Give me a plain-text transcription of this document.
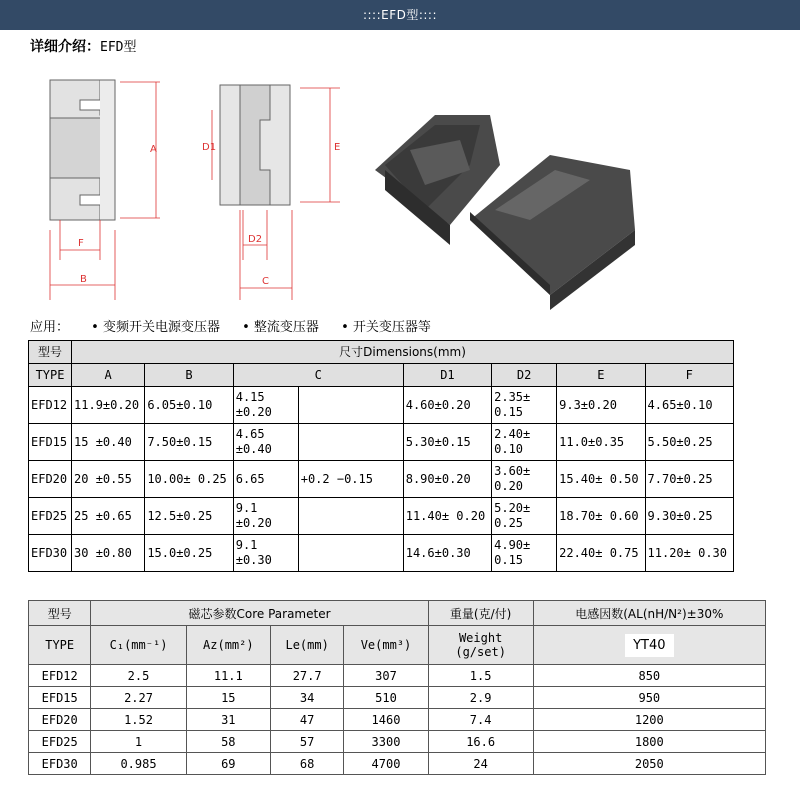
::::EFD型::::
详细介绍：EFD型
A
F
B
D1	E
D2
C
应用： • 变频开关电源变压器 • 整流变压器 • 开关变压器等
型号	尺寸Dimensions(mm)							
TYPE	A	B	C		D1	D2	E	F
EFD12	11.9±0.20	6.05±0.10	4.15 ±0.20		4.60±0.20	2.35± 0.15	9.3±0.20	4.65±0.10
EFD15	15 ±0.40	7.50±0.15	4.65 ±0.40		5.30±0.15	2.40± 0.10	11.0±0.35	5.50±0.25
EFD20	20 ±0.55	10.00± 0.25	6.65	+0.2 −0.15	8.90±0.20	3.60± 0.20	15.40± 0.50	7.70±0.25
EFD25	25 ±0.65	12.5±0.25	9.1 ±0.20		11.40± 0.20	5.20± 0.25	18.70± 0.60	9.30±0.25
EFD30	30 ±0.80	15.0±0.25	9.1 ±0.30		14.6±0.30	4.90± 0.15	22.40± 0.75	11.20± 0.30
型号	磁芯参数Core Parameter				重量(克/付)	电感因数(AL(nH/N²)±30%
TYPE	C₁(mm⁻¹)	Az(mm²)	Le(mm)	Ve(mm³)	Weight (g/set)	YT40
EFD12	2.5	11.1	27.7	307	1.5	850
EFD15	2.27	15	34	510	2.9	950
EFD20	1.52	31	47	1460	7.4	1200
EFD25	1	58	57	3300	16.6	1800
EFD30	0.985	69	68	4700	24	2050
